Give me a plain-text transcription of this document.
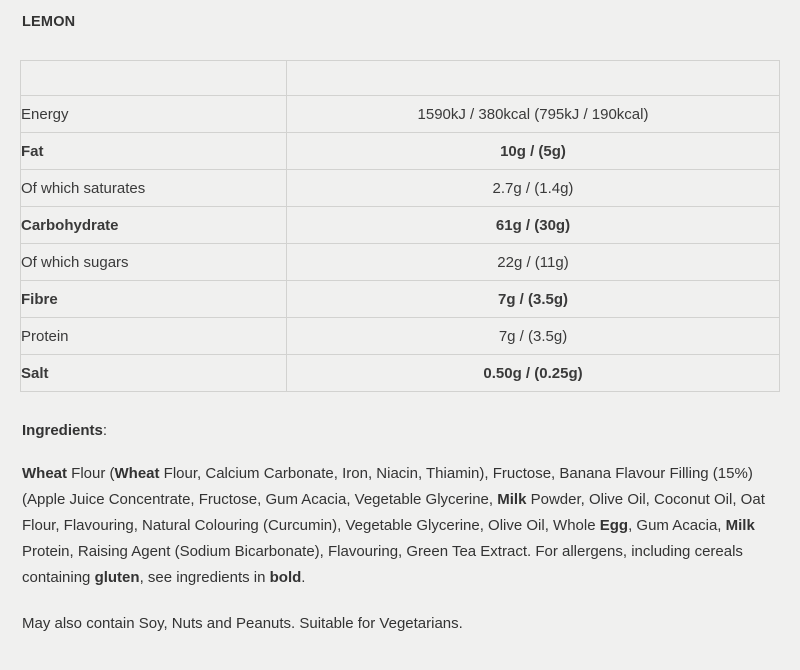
LEMON

Energy	1590kJ / 380kcal (795kJ / 190kcal)
Fat	10g / (5g)
Of which saturates	2.7g / (1.4g)
Carbohydrate	61g / (30g)
Of which sugars	22g / (11g)
Fibre	7g / (3.5g)
Protein	7g / (3.5g)
Salt	0.50g / (0.25g)
Ingredients:
Wheat Flour (Wheat Flour, Calcium Carbonate, Iron, Niacin, Thiamin), Fructose, Banana Flavour Filling (15%) (Apple Juice Concentrate, Fructose, Gum Acacia, Vegetable Glycerine, Milk Powder, Olive Oil, Coconut Oil, Oat Flour, Flavouring, Natural Colouring (Curcumin), Vegetable Glycerine, Olive Oil, Whole Egg, Gum Acacia, Milk Protein, Raising Agent (Sodium Bicarbonate), Flavouring, Green Tea Extract. For allergens, including cereals containing gluten, see ingredients in bold.
May also contain Soy, Nuts and Peanuts. Suitable for Vegetarians.
